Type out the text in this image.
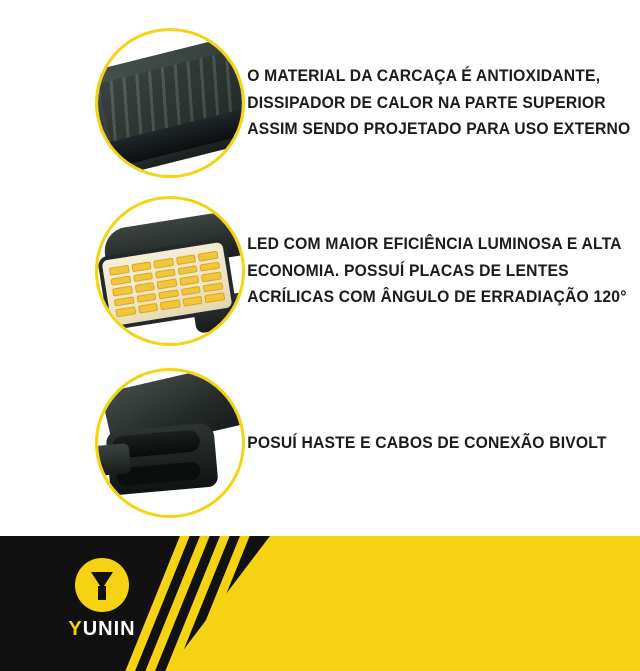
O MATERIAL DA CARCAÇA É ANTIOXIDANTE,
DISSIPADOR DE CALOR NA PARTE SUPERIOR
ASSIM SENDO PROJETADO PARA USO EXTERNO
LED COM MAIOR EFICIÊNCIA LUMINOSA E ALTA
ECONOMIA. POSSUÍ PLACAS DE LENTES
ACRÍLICAS COM ÂNGULO DE ERRADIAÇÃO 120°
POSUÍ HASTE E CABOS DE CONEXÃO BIVOLT
YUNIN
